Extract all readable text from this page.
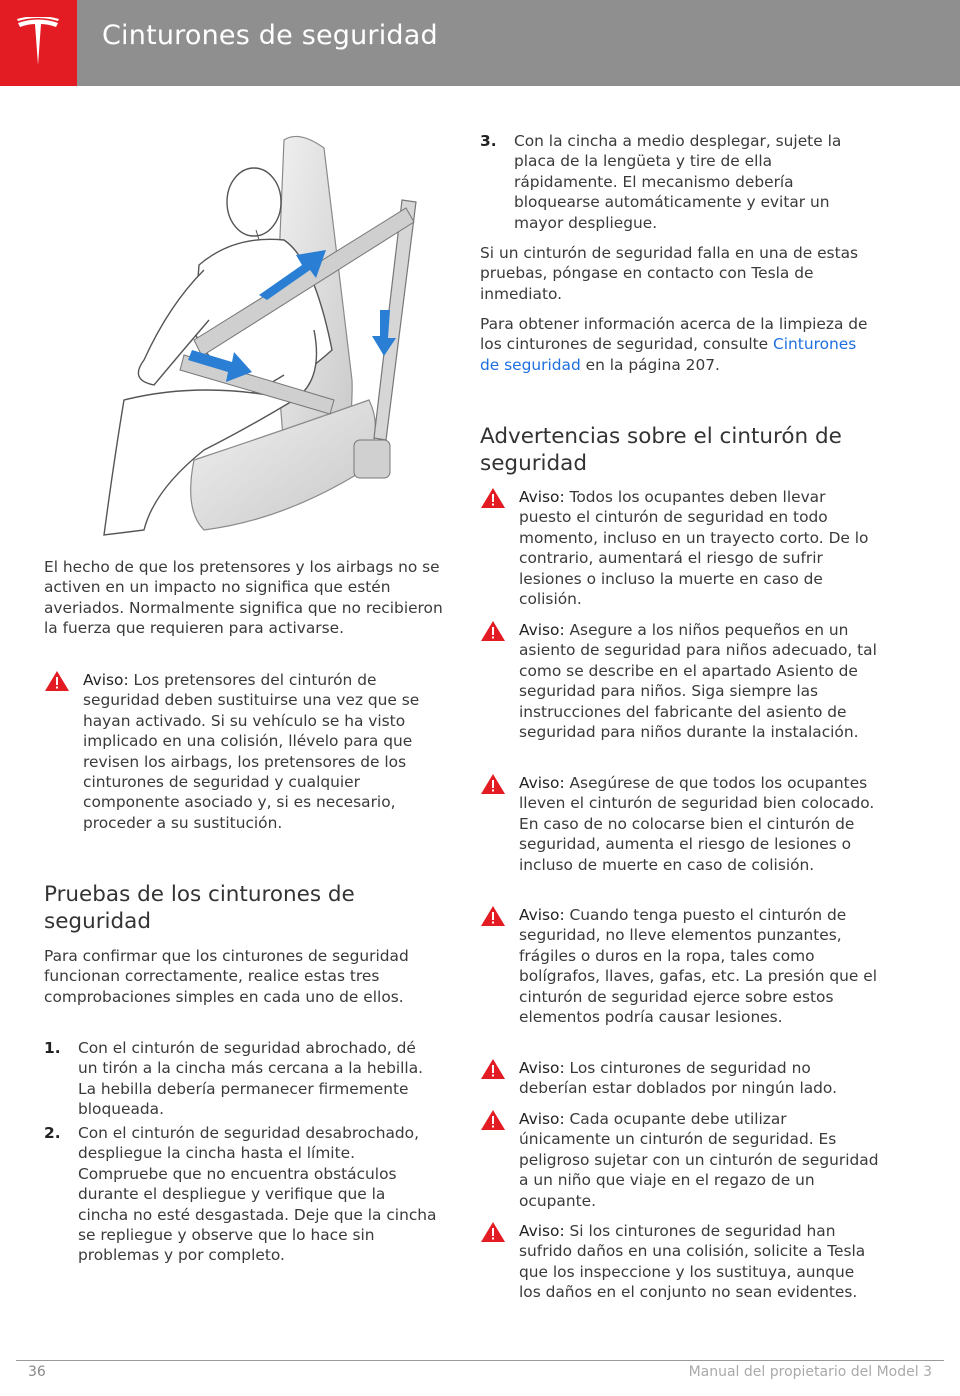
Cinturones de seguridad

El hecho de que los pretensores y los airbags no se activen en un impacto no significa que estén averiados. Normalmente significa que no recibieron la fuerza que requieren para activarse.

Aviso: Los pretensores del cinturón de seguridad deben sustituirse una vez que se hayan activado. Si su vehículo se ha visto implicado en una colisión, llévelo para que revisen los airbags, los pretensores de los cinturones de seguridad y cualquier componente asociado y, si es necesario, proceder a su sustitución.

Pruebas de los cinturones de seguridad

Para confirmar que los cinturones de seguridad funcionan correctamente, realice estas tres comprobaciones simples en cada uno de ellos.

1. Con el cinturón de seguridad abrochado, dé un tirón a la cincha más cercana a la hebilla. La hebilla debería permanecer firmemente bloqueada.

2. Con el cinturón de seguridad desabrochado, despliegue la cincha hasta el límite. Compruebe que no encuentra obstáculos durante el despliegue y verifique que la cincha no esté desgastada. Deje que la cincha se repliegue y observe que lo hace sin problemas y por completo.

3. Con la cincha a medio desplegar, sujete la placa de la lengüeta y tire de ella rápidamente. El mecanismo debería bloquearse automáticamente y evitar un mayor despliegue.

Si un cinturón de seguridad falla en una de estas pruebas, póngase en contacto con Tesla de inmediato.

Para obtener información acerca de la limpieza de los cinturones de seguridad, consulte Cinturones de seguridad en la página 207.

Advertencias sobre el cinturón de seguridad

Aviso: Todos los ocupantes deben llevar puesto el cinturón de seguridad en todo momento, incluso en un trayecto corto. De lo contrario, aumentará el riesgo de sufrir lesiones o incluso la muerte en caso de colisión.

Aviso: Asegure a los niños pequeños en un asiento de seguridad para niños adecuado, tal como se describe en el apartado Asiento de seguridad para niños. Siga siempre las instrucciones del fabricante del asiento de seguridad para niños durante la instalación.

Aviso: Asegúrese de que todos los ocupantes lleven el cinturón de seguridad bien colocado. En caso de no colocarse bien el cinturón de seguridad, aumenta el riesgo de lesiones o incluso de muerte en caso de colisión.

Aviso: Cuando tenga puesto el cinturón de seguridad, no lleve elementos punzantes, frágiles o duros en la ropa, tales como bolígrafos, llaves, gafas, etc. La presión que el cinturón de seguridad ejerce sobre estos elementos podría causar lesiones.

Aviso: Los cinturones de seguridad no deberían estar doblados por ningún lado.

Aviso: Cada ocupante debe utilizar únicamente un cinturón de seguridad. Es peligroso sujetar con un cinturón de seguridad a un niño que viaje en el regazo de un ocupante.

Aviso: Si los cinturones de seguridad han sufrido daños en una colisión, solicite a Tesla que los inspeccione y los sustituya, aunque los daños en el conjunto no sean evidentes.

36	Manual del propietario del Model 3
